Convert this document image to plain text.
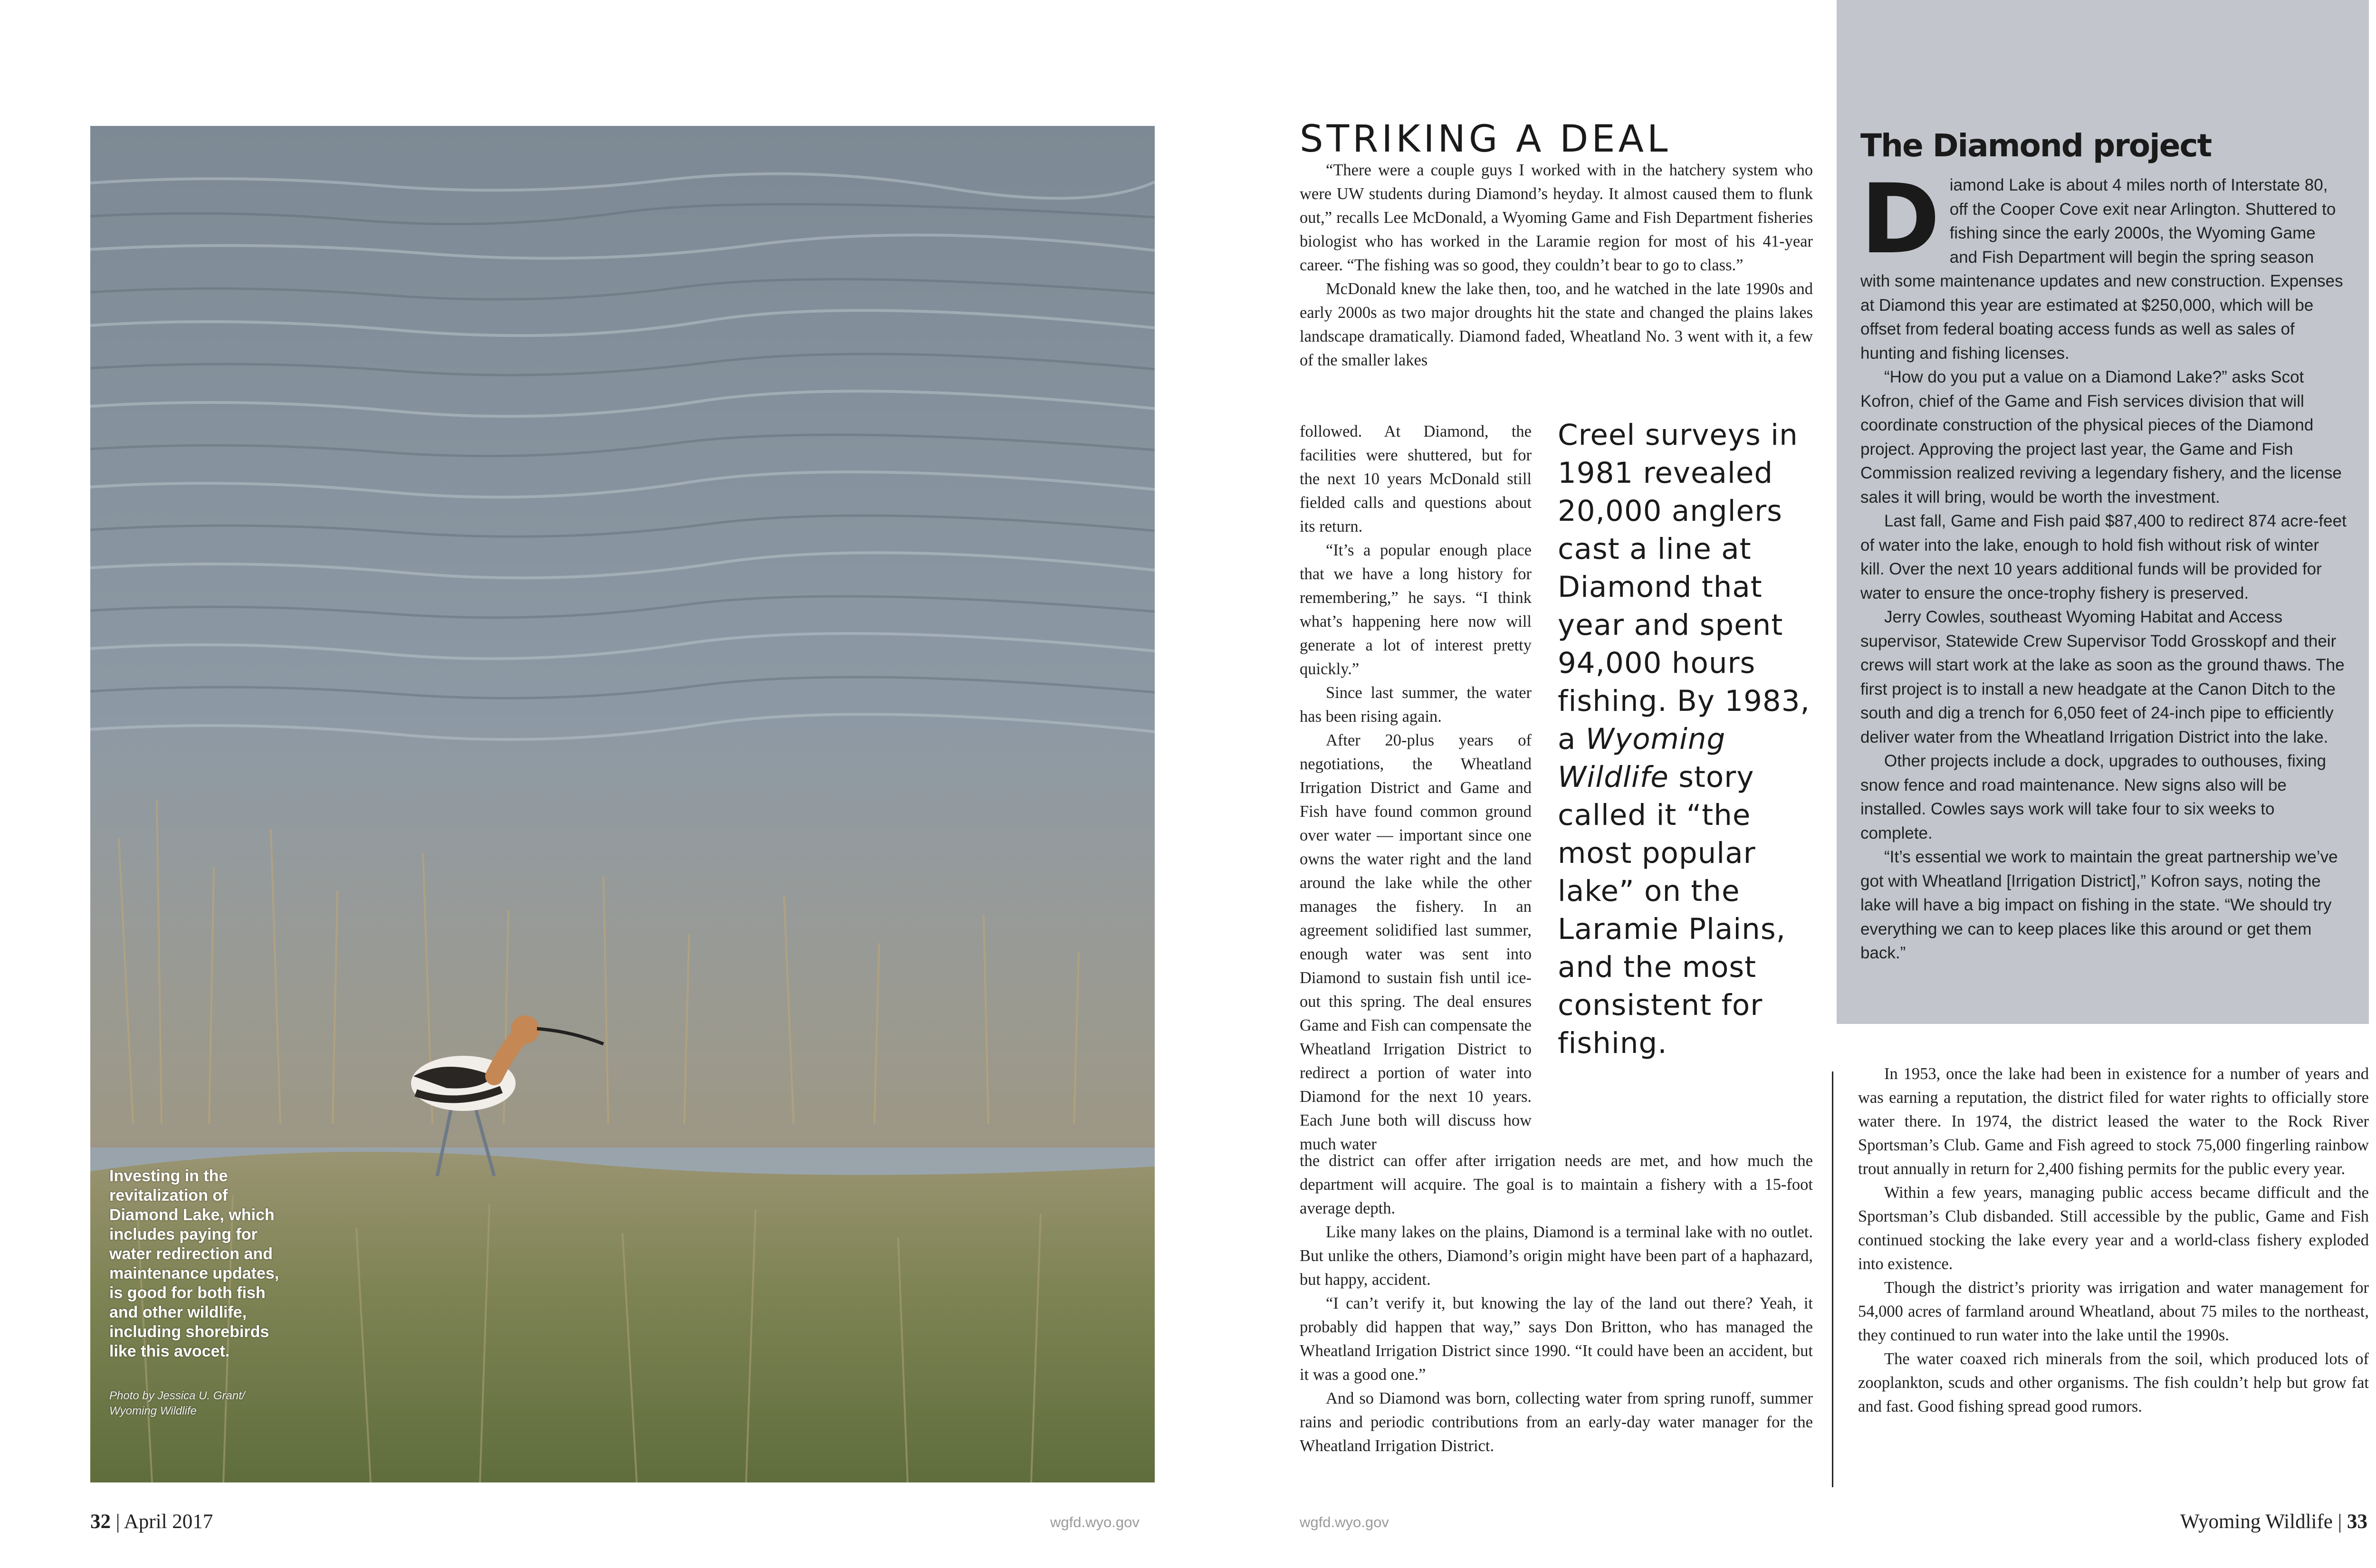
Investing in the revitalization of Diamond Lake, which includes paying for water redirection and maintenance updates, is good for both fish and other wildlife, including shorebirds like this avocet.
Photo by Jessica U. Grant/ Wyoming Wildlife
32 | April 2017	wgfd.wyo.gov
STRIKING A DEAL

“There were a couple guys I worked with in the hatchery system who were UW students during Diamond’s heyday. It almost caused them to flunk out,” recalls Lee McDonald, a Wyoming Game and Fish Department fisheries biologist who has worked in the Laramie region for most of his 41-year career. “The fishing was so good, they couldn’t bear to go to class.”

McDonald knew the lake then, too, and he watched in the late 1990s and early 2000s as two major droughts hit the state and changed the plains lakes landscape dramatically. Diamond faded, Wheatland No. 3 went with it, a few of the smaller lakes

followed. At Diamond, the facilities were shuttered, but for the next 10 years McDonald still fielded calls and questions about its return.

“It’s a popular enough place that we have a long history for remembering,” he says. “I think what’s happening here now will generate a lot of interest pretty quickly.”

Since last summer, the water has been rising again.

After 20-plus years of negotiations, the Wheatland Irrigation District and Game and Fish have found common ground over water — important since one owns the water right and the land around the lake while the other manages the fishery. In an agreement solidified last summer, enough water was sent into Diamond to sustain fish until ice-out this spring. The deal ensures Game and Fish can compensate the Wheatland Irrigation District to redirect a portion of water into Diamond for the next 10 years. Each June both will discuss how much water

Creel surveys in 1981 revealed 20,000 anglers cast a line at Diamond that year and spent 94,000 hours fishing. By 1983, a Wyoming Wildlife story called it “the most popular lake” on the Laramie Plains, and the most consistent for fishing.

the district can offer after irrigation needs are met, and how much the department will acquire. The goal is to maintain a fishery with a 15-foot average depth.

Like many lakes on the plains, Diamond is a terminal lake with no outlet. But unlike the others, Diamond’s origin might have been part of a haphazard, but happy, accident.

“I can’t verify it, but knowing the lay of the land out there? Yeah, it probably did happen that way,” says Don Britton, who has managed the Wheatland Irrigation District since 1990. “It could have been an accident, but it was a good one.”

And so Diamond was born, collecting water from spring runoff, summer rains and periodic contributions from an early-day water manager for the Wheatland Irrigation District.

wgfd.wyo.gov
The Diamond project

Diamond Lake is about 4 miles north of Interstate 80, off the Cooper Cove exit near Arlington. Shuttered to fishing since the early 2000s, the Wyoming Game and Fish Department will begin the spring season with some maintenance updates and new construction. Expenses at Diamond this year are estimated at $250,000, which will be offset from federal boating access funds as well as sales of hunting and fishing licenses.

“How do you put a value on a Diamond Lake?” asks Scot Kofron, chief of the Game and Fish services division that will coordinate construction of the physical pieces of the Diamond project. Approving the project last year, the Game and Fish Commission realized reviving a legendary fishery, and the license sales it will bring, would be worth the investment.

Last fall, Game and Fish paid $87,400 to redirect 874 acre-feet of water into the lake, enough to hold fish without risk of winter kill. Over the next 10 years additional funds will be provided for water to ensure the once-trophy fishery is preserved.

Jerry Cowles, southeast Wyoming Habitat and Access supervisor, Statewide Crew Supervisor Todd Grosskopf and their crews will start work at the lake as soon as the ground thaws. The first project is to install a new headgate at the Canon Ditch to the south and dig a trench for 6,050 feet of 24-inch pipe to efficiently deliver water from the Wheatland Irrigation District into the lake.

Other projects include a dock, upgrades to outhouses, fixing snow fence and road maintenance. New signs also will be installed. Cowles says work will take four to six weeks to complete.

“It’s essential we work to maintain the great partnership we’ve got with Wheatland [Irrigation District],” Kofron says, noting the lake will have a big impact on fishing in the state. “We should try everything we can to keep places like this around or get them back.”

In 1953, once the lake had been in existence for a number of years and was earning a reputation, the district filed for water rights to officially store water there. In 1974, the district leased the water to the Rock River Sportsman’s Club. Game and Fish agreed to stock 75,000 fingerling rainbow trout annually in return for 2,400 fishing permits for the public every year.

Within a few years, managing public access became difficult and the Sportsman’s Club disbanded. Still accessible by the public, Game and Fish continued stocking the lake every year and a world-class fishery exploded into existence.

Though the district’s priority was irrigation and water management for 54,000 acres of farmland around Wheatland, about 75 miles to the northeast, they continued to run water into the lake until the 1990s.

The water coaxed rich minerals from the soil, which produced lots of zooplankton, scuds and other organisms. The fish couldn’t help but grow fat and fast. Good fishing spread good rumors.

Wyoming Wildlife | 33
